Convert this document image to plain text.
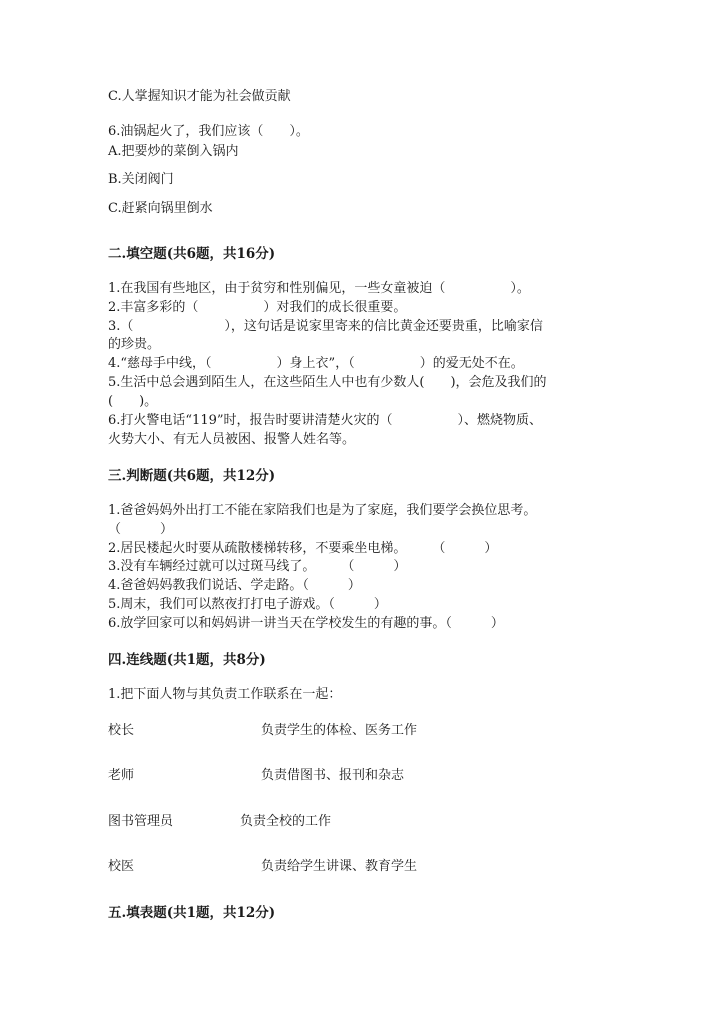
C.人掌握知识才能为社会做贡献
6.油锅起火了，我们应该（　　）。
A.把要炒的菜倒入锅内
B.关闭阀门
C.赶紧向锅里倒水
二.填空题(共6题，共16分)
1.在我国有些地区，由于贫穷和性别偏见，一些女童被迫（　　　　　）。
2.丰富多彩的（　　　　　）对我们的成长很重要。
3.（　　　　　　　），这句话是说家里寄来的信比黄金还要贵重，比喻家信
的珍贵。
4.“慈母手中线，（　　　　　）身上衣”，（　　　　　）的爱无处不在。
5.生活中总会遇到陌生人，在这些陌生人中也有少数人(　　)，会危及我们的
(　　)。
6.打火警电话“119”时，报告时要讲清楚火灾的（　　　　　）、燃烧物质、
火势大小、有无人员被困、报警人姓名等。
三.判断题(共6题，共12分)
1.爸爸妈妈外出打工不能在家陪我们也是为了家庭，我们要学会换位思考。
（　　　）
2.居民楼起火时要从疏散楼梯转移，不要乘坐电梯。　　　（　　　）
3.没有车辆经过就可以过斑马线了。　　　（　　　）
4.爸爸妈妈教我们说话、学走路。（　　　）
5.周末，我们可以熬夜打打电子游戏。（　　　）
6.放学回家可以和妈妈讲一讲当天在学校发生的有趣的事。（　　　）
四.连线题(共1题，共8分)
1.把下面人物与其负责工作联系在一起：
校长	负责学生的体检、医务工作
老师	负责借图书、报刊和杂志
图书管理员	负责全校的工作
校医	负责给学生讲课、教育学生
五.填表题(共1题，共12分)
